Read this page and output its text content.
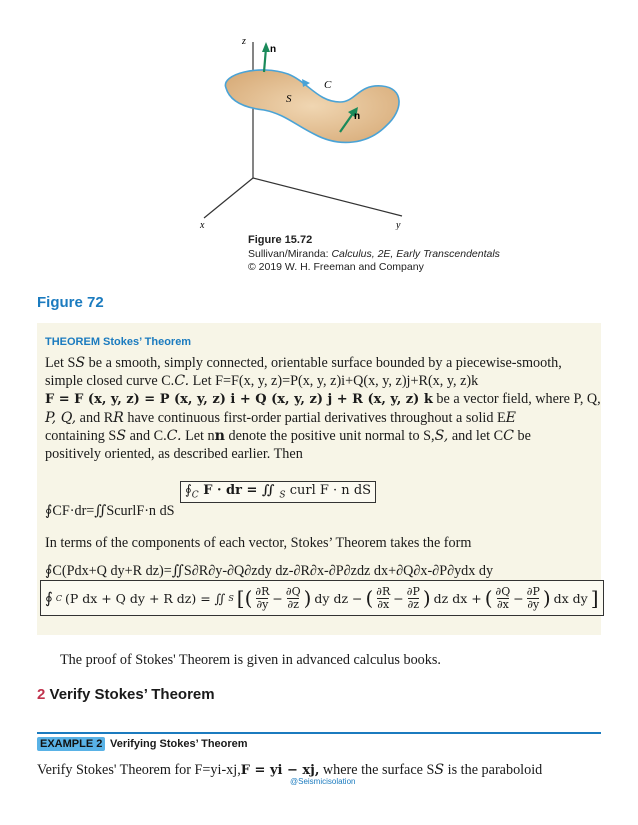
z
n
C
S
n
x	y
Figure 15.72
Sullivan/Miranda: Calculus, 2E, Early Transcendentals
© 2019 W. H. Freeman and Company
Figure 72
THEOREM Stokes’ Theorem
Let SS be a smooth, simply connected, orientable surface bounded by a piecewise-smooth,
simple closed curve C.C. Let F=F(x, y, z)=P(x, y, z)i+Q(x, y, z)j+R(x, y, z)k
F = F (x, y, z) = P (x, y, z) i + Q (x, y, z) j + R (x, y, z) k be a vector field, where P, Q,
P, Q, and RR have continuous first-order partial derivatives throughout a solid EE
containing SS and C.C. Let nn denote the positive unit normal to S,S, and let CC be
positively oriented, as described earlier. Then
$∮_C$ F · dr = ∬ $_S$ curl F · n dS
∮CF·dr=∬ScurlF·n dS
In terms of the components of each vector, Stokes’ Theorem takes the form
∮C(Pdx+Q dy+R dz)=∬S∂R∂y-∂Q∂zdy dz-∂R∂x-∂P∂zdz dx+∂Q∂x-∂P∂ydx dy
∮ C (P dx + Q dy + R dz) = ∬ S [( $\frac{\partial R}{\partial y} - \frac{\partial Q}{\partial z}$ ) dy dz − ( $\frac{\partial R}{\partial x} - \frac{\partial P}{\partial z}$ ) dz dx + ( $\frac{\partial Q}{\partial x} - \frac{\partial P}{\partial y}$ ) dx dy ]
The proof of Stokes' Theorem is given in advanced calculus books.
2 Verify Stokes’ Theorem
EXAMPLE 2 Verifying Stokes’ Theorem
Verify Stokes' Theorem for F=yi-xj,F = yi − xj, where the surface SS is the paraboloid
@Seismicisolation
